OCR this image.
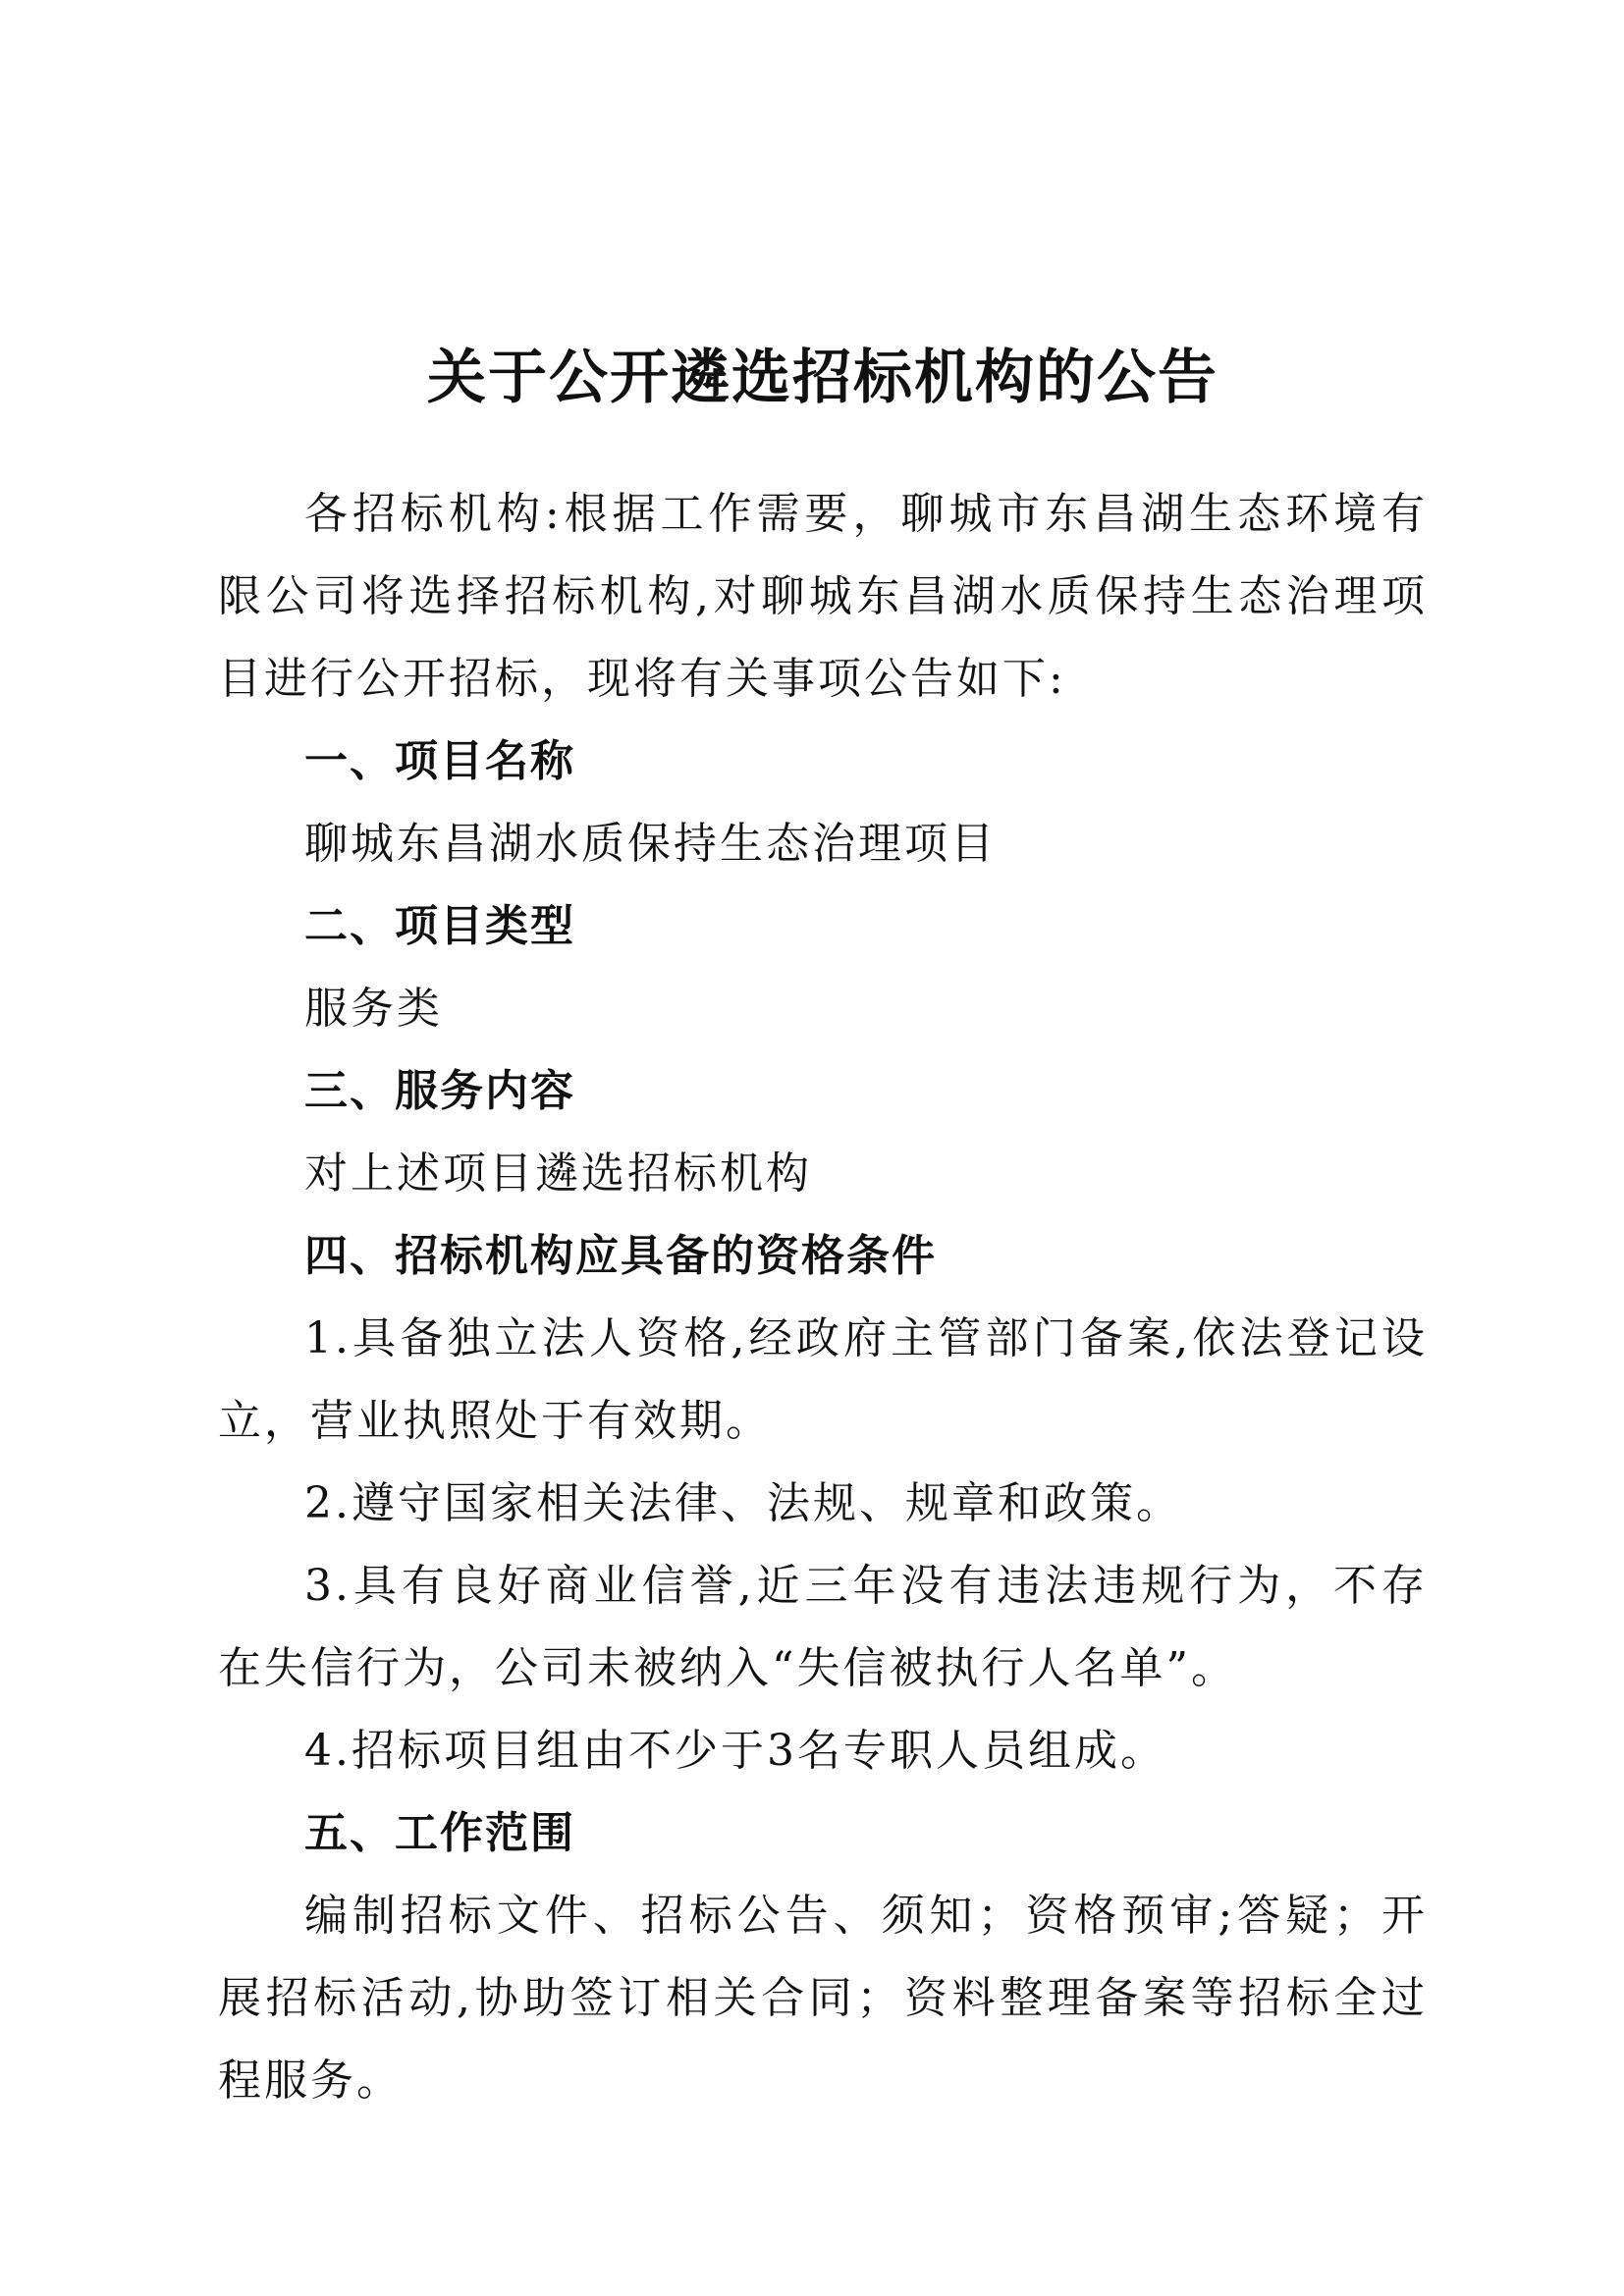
关于公开遴选招标机构的公告

各招标机构:根据工作需要，聊城市东昌湖生态环境有限公司将选择招标机构,对聊城东昌湖水质保持生态治理项目进行公开招标，现将有关事项公告如下:

一、项目名称

聊城东昌湖水质保持生态治理项目

二、项目类型

服务类

三、服务内容

对上述项目遴选招标机构

四、招标机构应具备的资格条件

1.具备独立法人资格,经政府主管部门备案,依法登记设立，营业执照处于有效期。

2.遵守国家相关法律、法规、规章和政策。

3.具有良好商业信誉,近三年没有违法违规行为，不存在失信行为，公司未被纳入“失信被执行人名单”。

4.招标项目组由不少于3名专职人员组成。

五、工作范围

编制招标文件、招标公告、须知；资格预审;答疑；开展招标活动,协助签订相关合同；资料整理备案等招标全过程服务。
